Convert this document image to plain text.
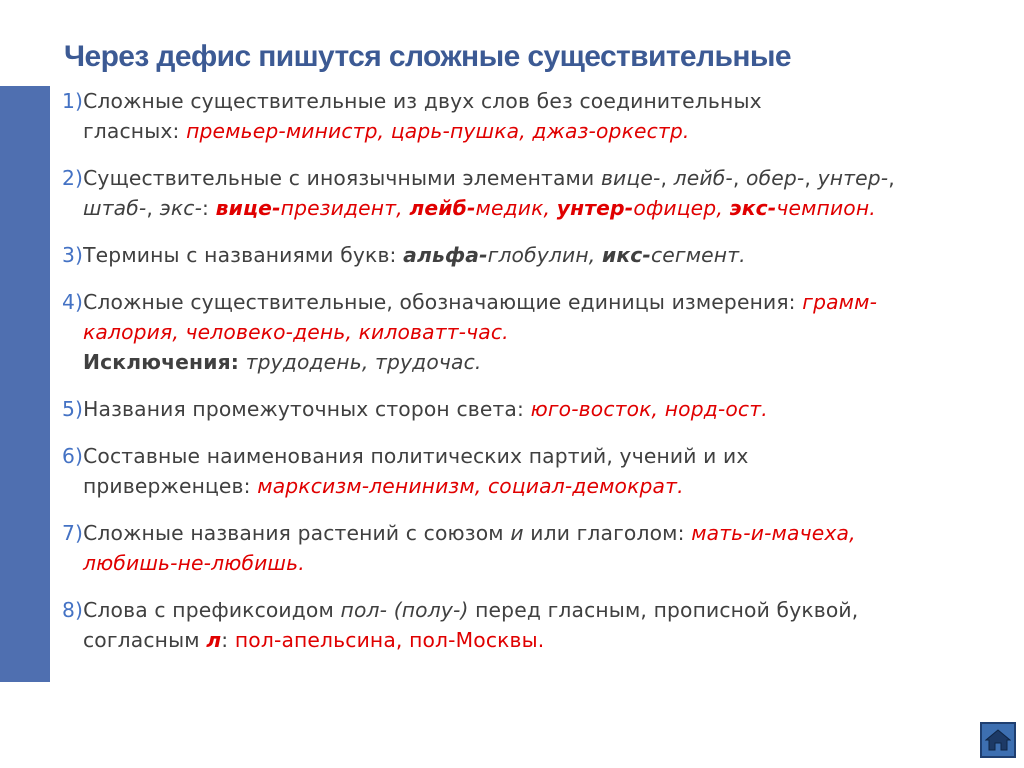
Через дефис пишутся сложные существительные
1)Сложные существительные из двух слов без соединительных
гласных: премьер-министр, царь-пушка, джаз-оркестр.
2)Существительные с иноязычными элементами вице-, лейб-, обер-, унтер-,
штаб-, экс-: вице-президент, лейб-медик, унтер-офицер, экс-чемпион.
3)Термины с названиями букв: альфа-глобулин, икс-сегмент.
4)Сложные существительные, обозначающие единицы измерения: грамм-
калория, человеко-день, киловатт-час.
Исключения: трудодень, трудочас.
5)Названия промежуточных сторон света: юго-восток, норд-ост.
6)Составные наименования политических партий, учений и их
приверженцев: марксизм-ленинизм, социал-демократ.
7)Сложные названия растений с союзом и или глаголом: мать-и-мачеха,
любишь-не-любишь.
8)Слова с префиксоидом пол- (полу-) перед гласным, прописной буквой,
согласным л: пол-апельсина, пол-Москвы.
